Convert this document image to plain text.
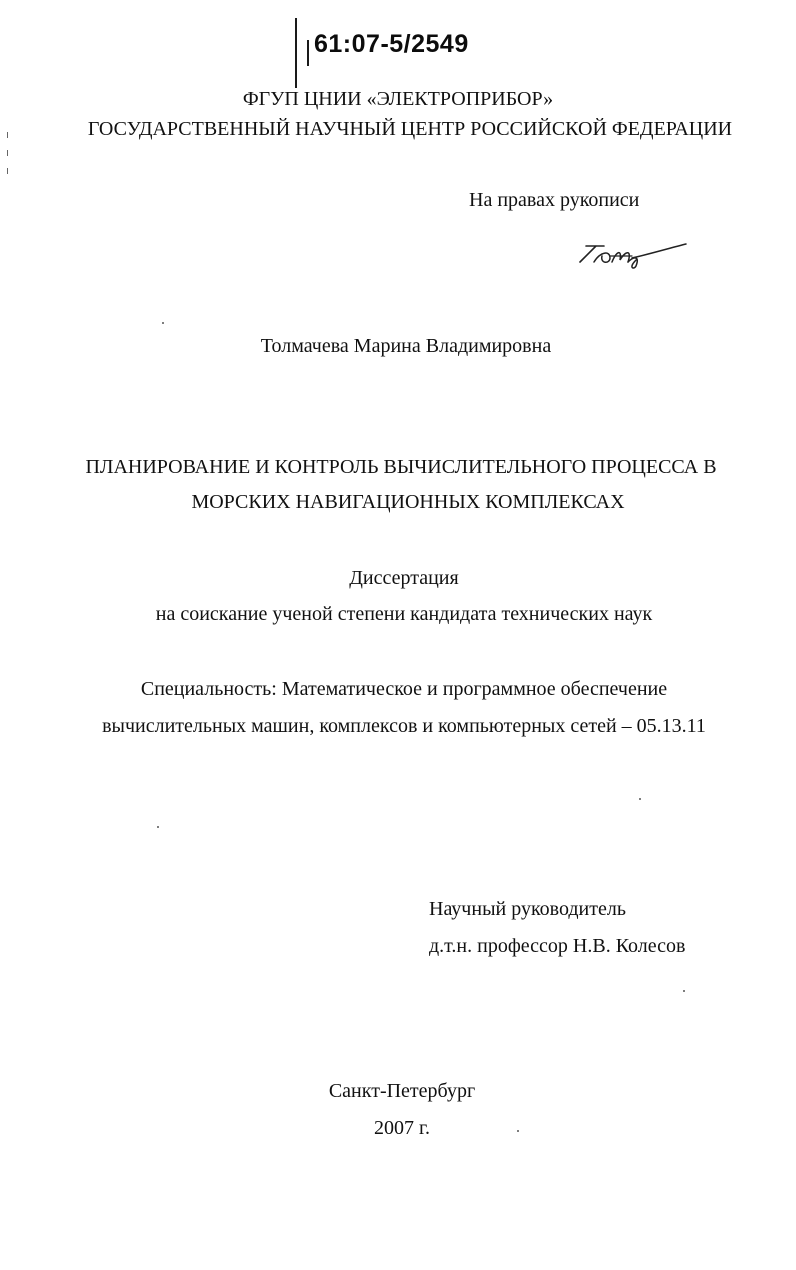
61:07-5/2549
ФГУП ЦНИИ «ЭЛЕКТРОПРИБОР»
ГОСУДАРСТВЕННЫЙ НАУЧНЫЙ ЦЕНТР РОССИЙСКОЙ ФЕДЕРАЦИИ
На правах рукописи
Толмачева Марина Владимировна
ПЛАНИРОВАНИЕ И КОНТРОЛЬ ВЫЧИСЛИТЕЛЬНОГО ПРОЦЕССА В
МОРСКИХ НАВИГАЦИОННЫХ КОМПЛЕКСАХ
Диссертация
на соискание ученой степени кандидата технических наук
Специальность: Математическое и программное обеспечение
вычислительных машин, комплексов и компьютерных сетей – 05.13.11
Научный руководитель
д.т.н. профессор Н.В. Колесов
Санкт-Петербург
2007 г.
